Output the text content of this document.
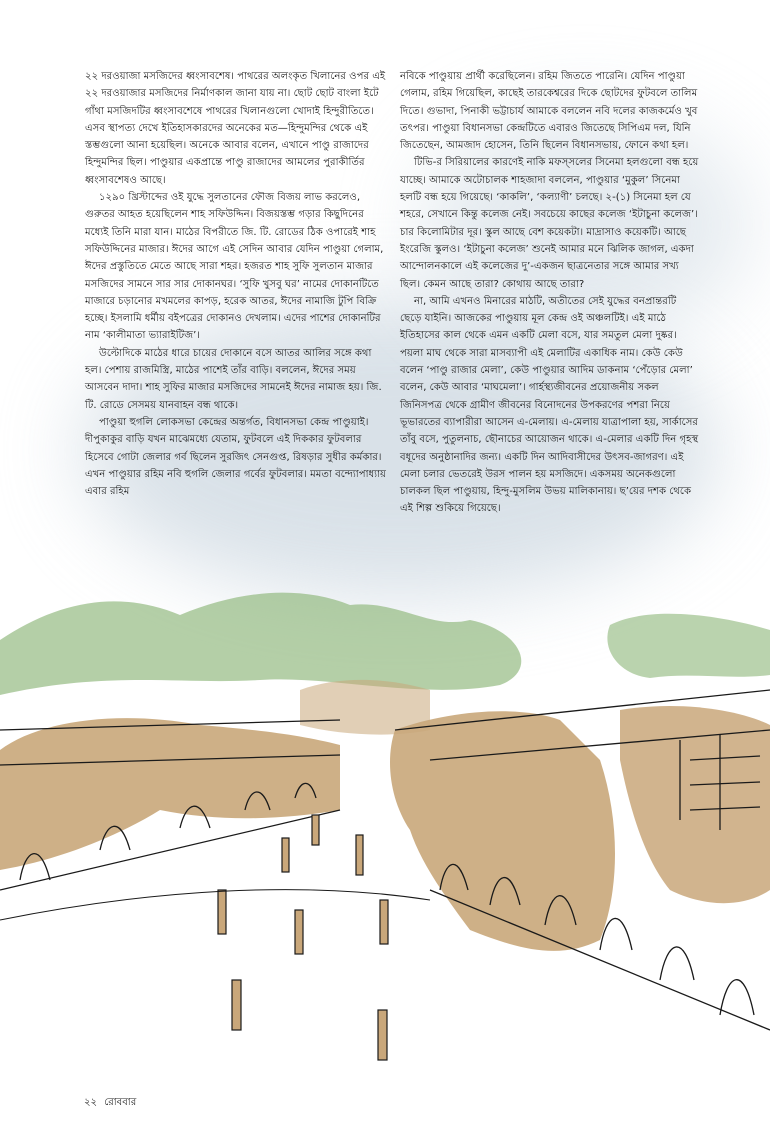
২২ দরওয়াজা মসজিদের ধ্বংসাবশেষ। পাথরের অলংকৃত খিলানের ওপর এই ২২ দরওয়াজার মসজিদের নির্মাণকাল জানা যায় না। ছোট ছোট বাংলা ইটে গাঁথা মসজিদটির ধ্বংসাবশেষে পাথরের খিলানগুলো খোদাই হিন্দুরীতিতে। এসব স্থাপত্য দেখে ইতিহাসকারদের অনেকের মত—হিন্দুমন্দির থেকে এই স্তম্ভগুলো আনা হয়েছিল। অনেকে আবার বলেন, এখানে পাণ্ডু রাজাদের হিন্দুমন্দির ছিল। পাণ্ডুয়ার একপ্রান্তে পাণ্ডু রাজাদের আমলের পুরাকীর্তির ধ্বংসাবশেষও আছে।

১২৯০ খ্রিস্টাব্দের ওই যুদ্ধে সুলতানের ফৌজ বিজয় লাভ করলেও, গুরুতর আহত হয়েছিলেন শাহ সফিউদ্দিন। বিজয়স্তম্ভ গড়ার কিছুদিনের মধ্যেই তিনি মারা যান। মাঠের বিপরীতে জি. টি. রোডের ঠিক ওপারেই শাহ সফিউদ্দিনের মাজার। ঈদের আগে এই সেদিন আবার যেদিন পাণ্ডুয়া গেলাম, ঈদের প্রস্তুতিতে মেতে আছে সারা শহর। হজরত শাহ সুফি সুলতান মাজার মসজিদের সামনে সার সার দোকানঘর। ‘সুফি খুসবু ঘর’ নামের দোকানটিতে মাজারে চড়ানোর মখমলের কাপড়, হরেক আতর, ঈদের নামাজি টুপি বিক্রি হচ্ছে। ইসলামি ধর্মীয় বইপত্রের দোকানও দেখলাম। এদের পাশের দোকানটির নাম ‘কালীমাতা ভ্যারাইটিজ’।

উল্টোদিকে মাঠের ধারে চায়ের দোকানে বসে আতর আলির সঙ্গে কথা হল। পেশায় রাজমিস্ত্রি, মাঠের পাশেই তাঁর বাড়ি। বললেন, ঈদের সময় আসবেন দাদা। শাহ সুফির মাজার মসজিদের সামনেই ঈদের নামাজ হয়। জি. টি. রোডে সেসময় যানবাহন বন্ধ থাকে।

পাণ্ডুয়া হুগলি লোকসভা কেন্দ্রের অন্তর্গত, বিধানসভা কেন্দ্র পাণ্ডুয়াই। দীপুকাকুর বাড়ি যখন মাঝেমধ্যে যেতাম, ফুটবলে এই দিককার ফুটবলার হিসেবে গোটা জেলার গর্ব ছিলেন সুরজিৎ সেনগুপ্ত, রিষড়ার সুধীর কর্মকার। এখন পাণ্ডুয়ার রহিম নবি হুগলি জেলার গর্বের ফুটবলার। মমতা বন্দ্যোপাধ্যায় এবার রহিম

নবিকে পাণ্ডুয়ায় প্রার্থী করেছিলেন। রহিম জিততে পারেনি। যেদিন পাণ্ডুয়া গেলাম, রহিম গিয়েছিল, কাছেই তারকেশ্বরের দিকে ছোটদের ফুটবলে তালিম দিতে। গুভাদা, পিনাকী ভট্টাচার্য আমাকে বললেন নবি দলের কাজকর্মেও খুব তৎপর। পাণ্ডুয়া বিধানসভা কেন্দ্রটিতে এবারও জিতেছে সিপিএম দল, যিনি জিতেছেন, আমজাদ হোসেন, তিনি ছিলেন বিধানসভায়, ফোনে কথা হল।

টিভি-র সিরিয়ালের কারণেই নাকি মফস্সলের সিনেমা হলগুলো বন্ধ হয়ে যাচ্ছে। আমাকে অটোচালক শাহজাদা বললেন, পাণ্ডুয়ার ‘মুকুল’ সিনেমা হলটি বন্ধ হয়ে গিয়েছে। ‘কাকলি’, ‘কল্যাণী’ চলছে। ২-(১) সিনেমা হল যে শহরে, সেখানে কিন্তু কলেজ নেই। সবচেয়ে কাছের কলেজ ‘ইটাচুনা কলেজ’। চার কিলোমিটার দূর। স্কুল আছে বেশ কয়েকটা। মাদ্রাসাও কয়েকটি। আছে ইংরেজি স্কুলও। ‘ইটাচুনা কলেজ’ শুনেই আমার মনে ঝিলিক জাগল, একদা আন্দোলনকালে এই কলেজের দু’-একজন ছাত্রনেতার সঙ্গে আমার সখ্য ছিল। কেমন আছে তারা? কোথায় আছে তারা?

না, আমি এখনও মিনারের মাঠটি, অতীতের সেই যুদ্ধের বনপ্রান্তরটি ছেড়ে যাইনি। আজকের পাণ্ডুয়ায় মূল কেন্দ্র ওই অঞ্চলটিই। এই মাঠে ইতিহাসের কাল থেকে এমন একটি মেলা বসে, যার সমতুল মেলা দুষ্কর। পয়লা মাঘ থেকে সারা মাসব্যাপী এই মেলাটির একাধিক নাম। কেউ কেউ বলেন ‘পাণ্ডু রাজার মেলা’, কেউ পাণ্ডুয়ার আদিম ডাকনাম ‘পেঁড়োর মেলা’ বলেন, কেউ আবার ‘মাঘমেলা’। গার্হস্থ্যজীবনের প্রয়োজনীয় সকল জিনিসপত্র থেকে গ্রামীণ জীবনের বিনোদনের উপকরণের পশরা নিয়ে ভূভারতের ব্যাপারীরা আসেন এ-মেলায়। এ-মেলায় যাত্রাপালা হয়, সার্কাসের তাঁবু বসে, পুতুলনাচ, ছৌনাচের আয়োজন থাকে। এ-মেলার একটি দিন গৃহস্থ বধূদের অনুষ্ঠানাদির জন্য। একটি দিন আদিবাসীদের উৎসব-জাগরণ। এই মেলা চলার ভেতরেই উরস পালন হয় মসজিদে। একসময় অনেকগুলো চালকল ছিল পাণ্ডুয়ায়, হিন্দু-মুসলিম উভয় মালিকানায়। ছ’য়ের দশক থেকে এই শিল্প শুকিয়ে গিয়েছে।

২২ রোববার
